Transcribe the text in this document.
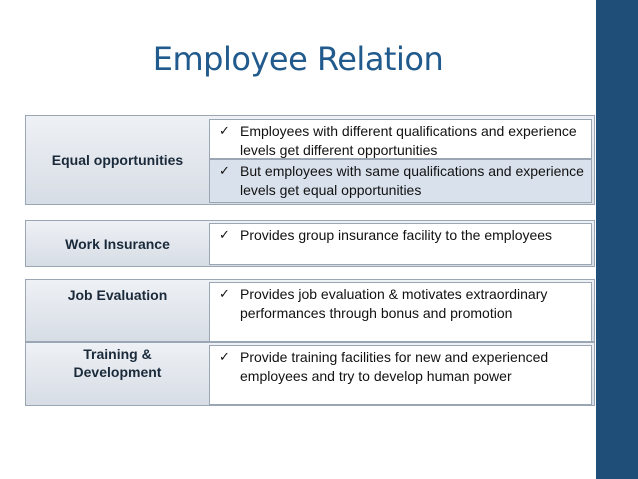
Employee Relation
Equal opportunities
✓ Employees with different qualifications and experience levels get different opportunities
✓ But employees with same qualifications and experience levels get equal opportunities
Work Insurance	✓ Provides group insurance facility to the employees
Job Evaluation	✓ Provides job evaluation & motivates extraordinary performances through bonus and promotion
Training & Development
✓ Provide training facilities for new and experienced employees and try to develop human power
